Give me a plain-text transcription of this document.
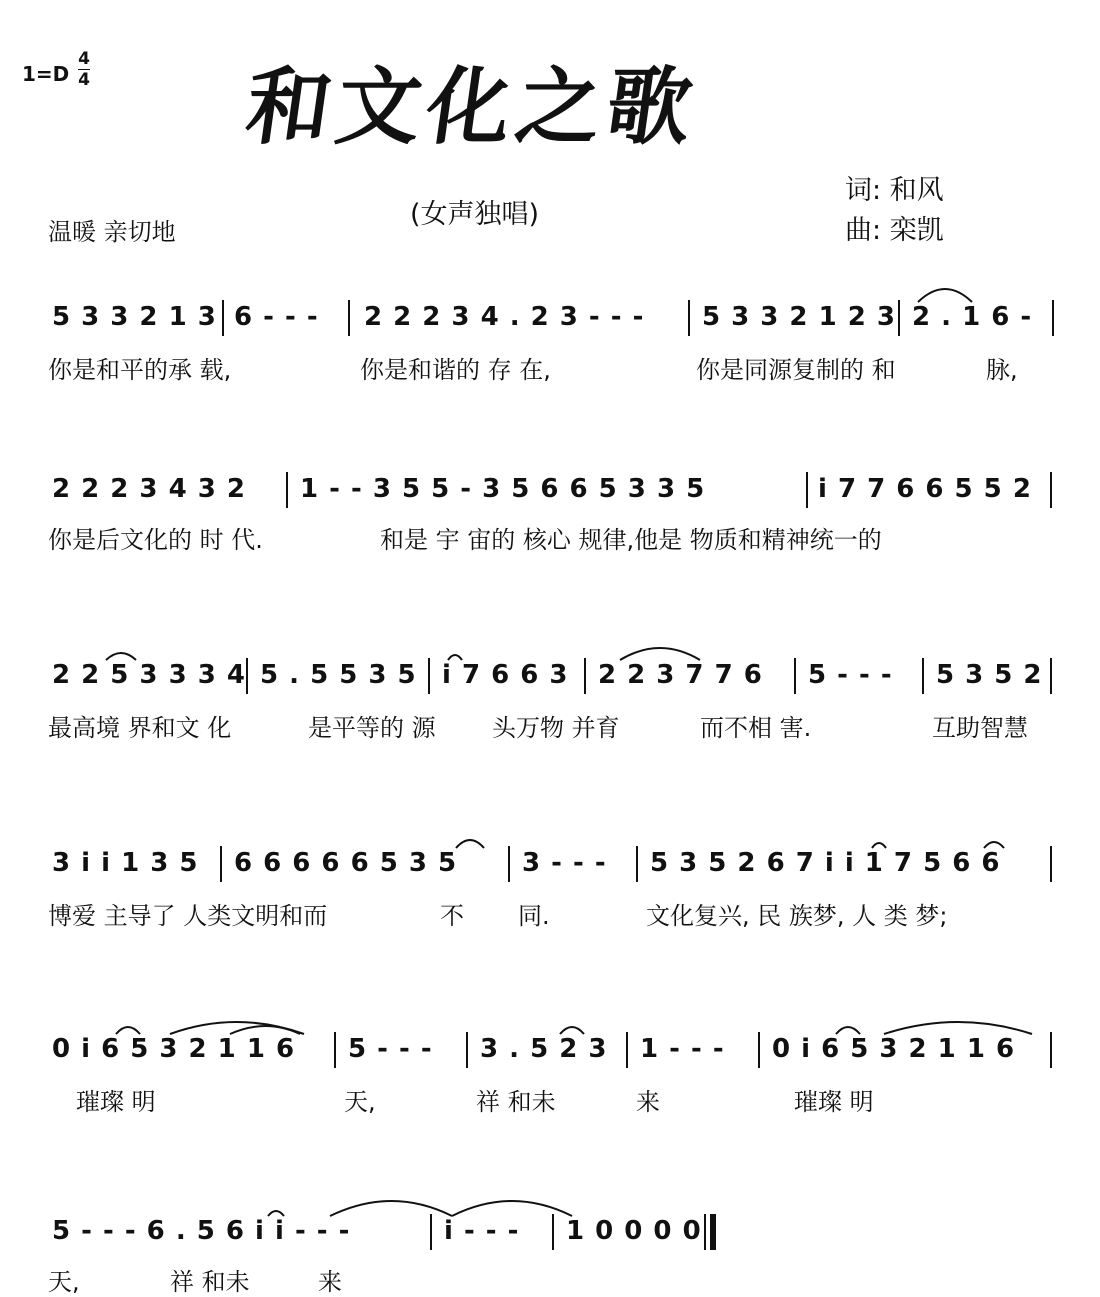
1=D
4
4 和文化之歌
(女声独唱)
词: 和风
曲: 栾凯
温暖 亲切地
5 3 3 2 1 3 6 - - - 2 2 2 3 4 . 2 3 - - - 5 3 3 2 1 2 3 2 . 1 6 -
你是和平的承 载,	你是和谐的 存 在,	你是同源复制的 和	脉,
2 2 2 3 4 3 2 1 - - 3 5 5 - 3 5 6 6 5 3 3 5	i 7 7 6 6 5 5 2
你是后文化的 时 代.	和是 宇 宙的 核心 规律,他是 物质和精神统一的
2 2 5 3 3 3 4 5 . 5 5 3 5 i 7 6 6 3 2 2 3 7 7 6 5 - - - 5 3 5 2
最高境 界和文 化	是平等的 源 头万物 并育	而不相 害.	互助智慧
3 i i 1 3 5 6 6 6 6 6 5 3 5 3 - - - 5 3 5 2 6 7 i i 1 7 5 6 6
博爱 主导了 人类文明和而	不 同.	文化复兴, 民 族梦, 人 类 梦;
0 i 6 5 3 2 1 1 6 5 - - - 3 . 5 2 3 1 - - - 0 i 6 5 3 2 1 1 6
璀璨 明	天,	祥 和未	来	璀璨 明
5 - - - 6 . 5 6 i i - - -	i - - - 1 0 0 0 0
天,	祥 和未	来
